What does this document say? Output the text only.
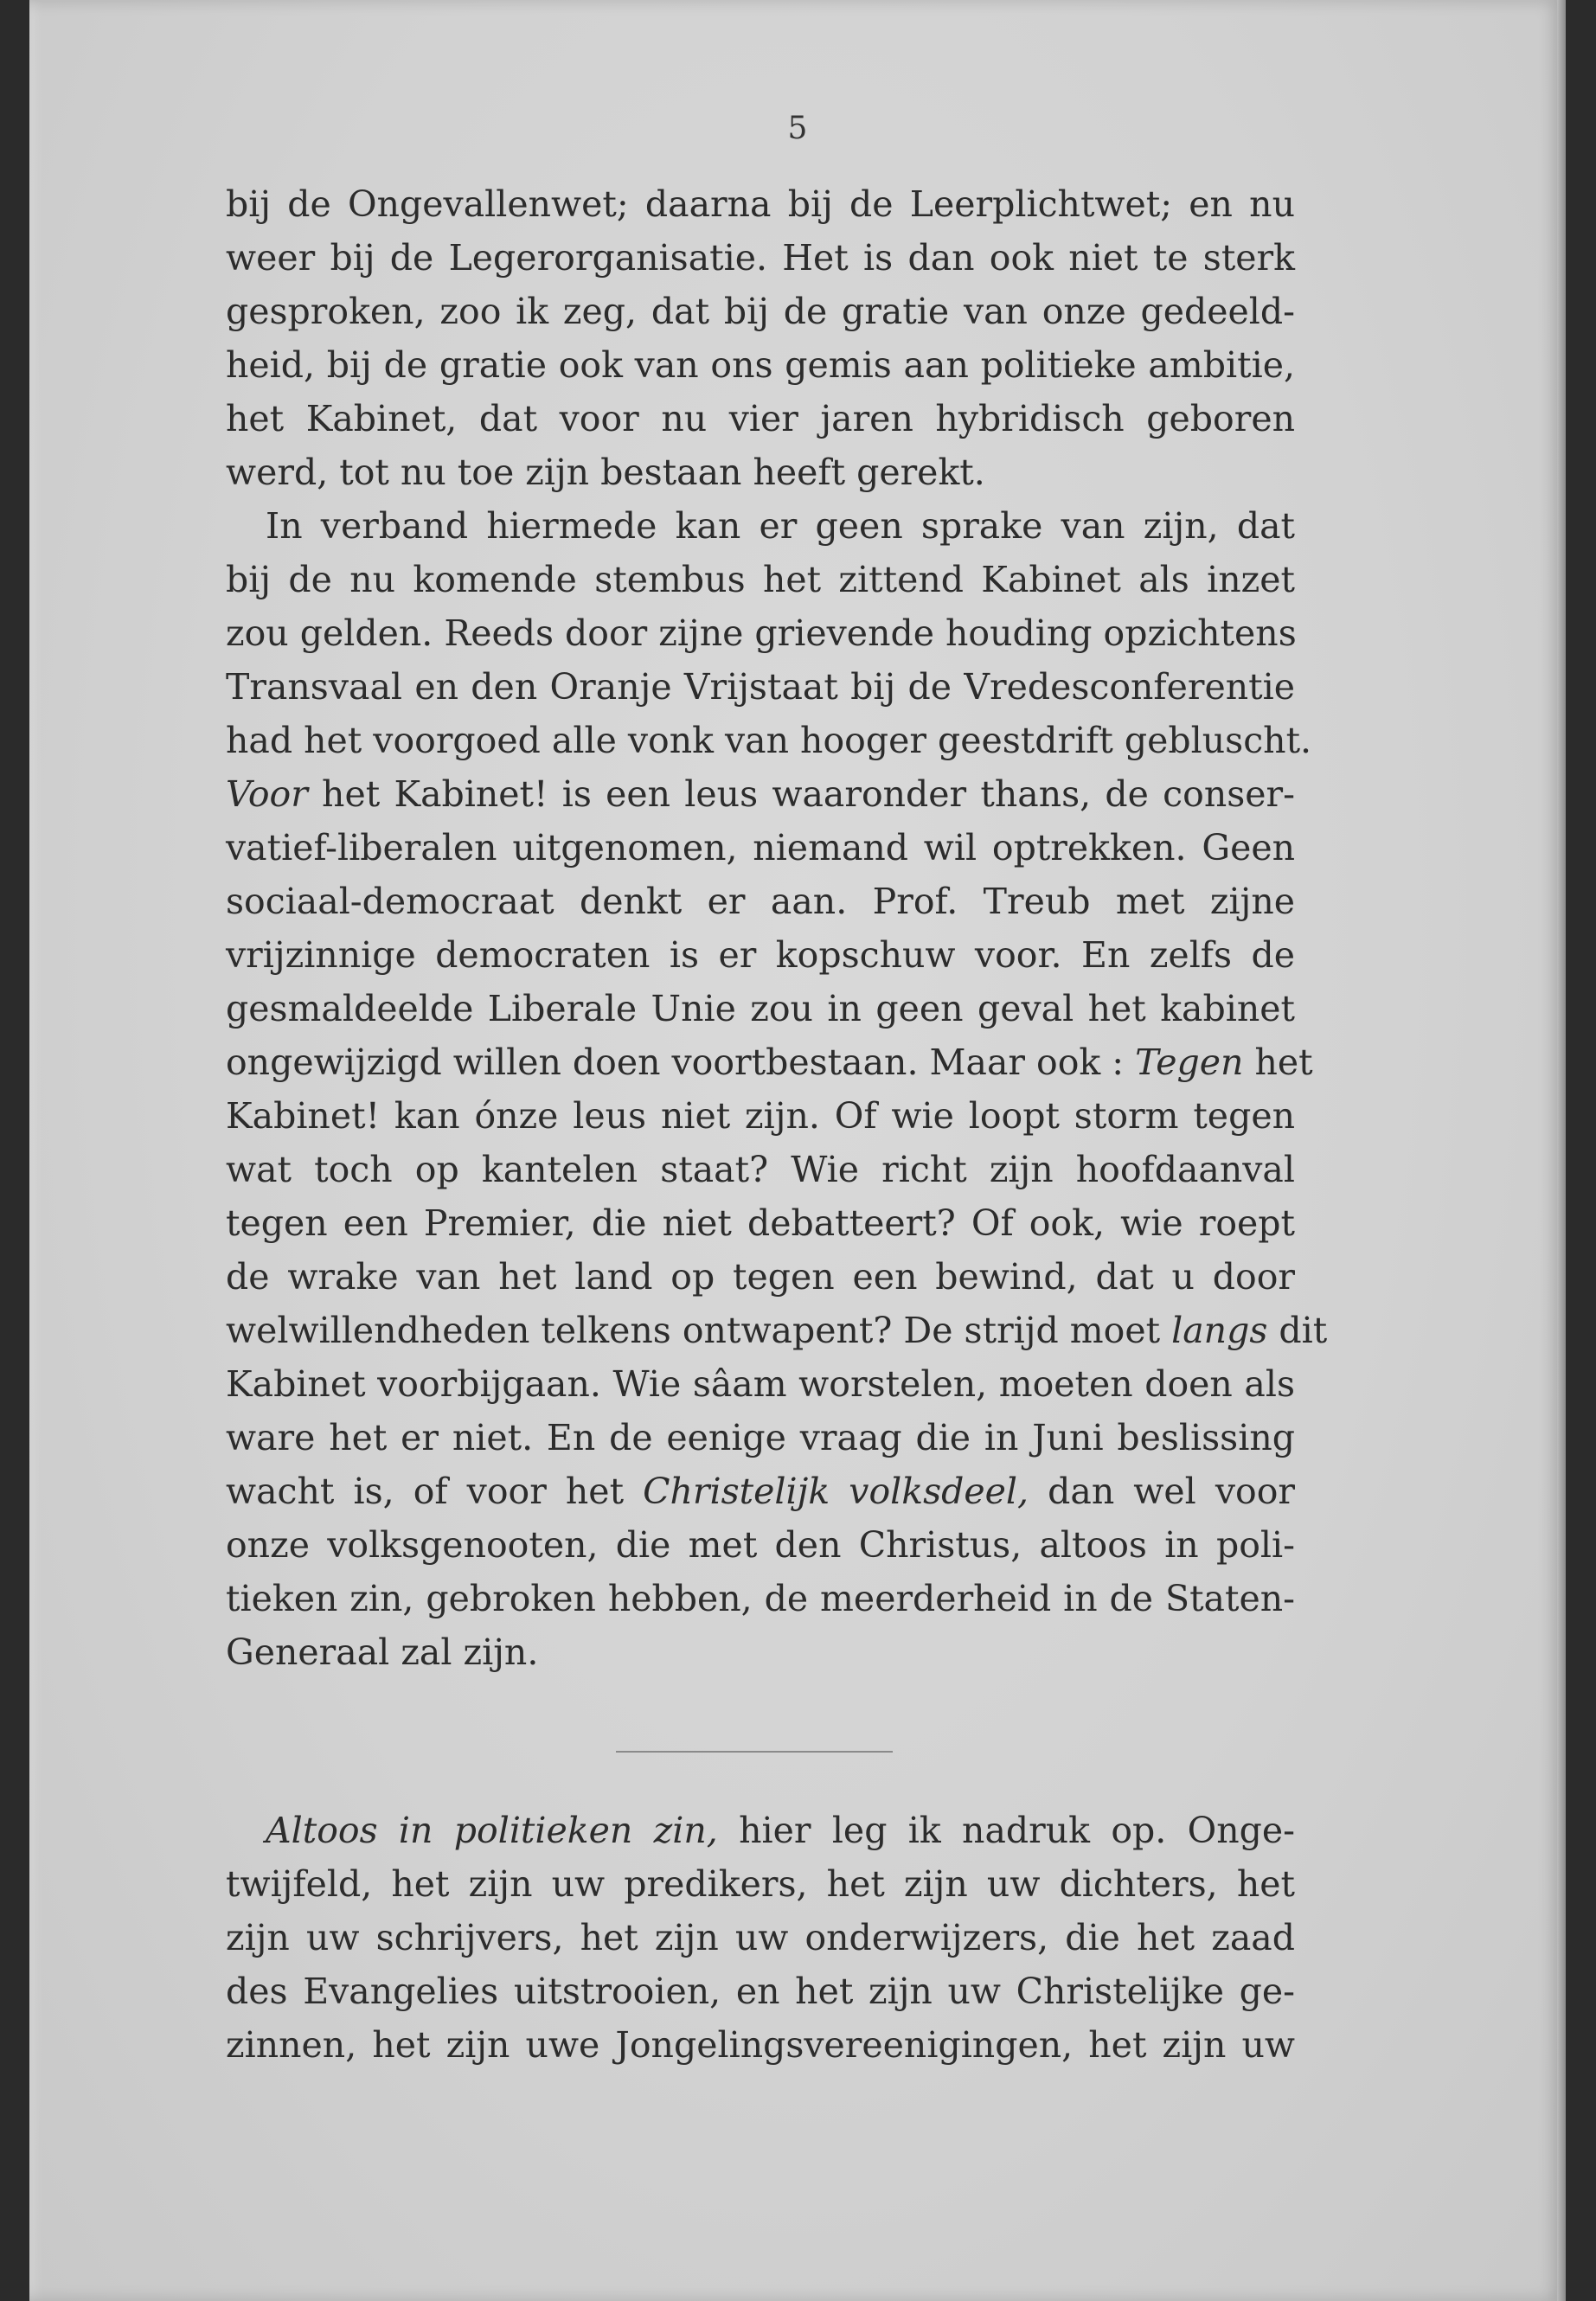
5
bij de Ongevallenwet; daarna bij de Leerplichtwet; en nu
weer bij de Legerorganisatie. Het is dan ook niet te sterk
gesproken, zoo ik zeg, dat bij de gratie van onze gedeeld-
heid, bij de gratie ook van ons gemis aan politieke ambitie,
het Kabinet, dat voor nu vier jaren hybridisch geboren
werd, tot nu toe zijn bestaan heeft gerekt.
In verband hiermede kan er geen sprake van zijn, dat
bij de nu komende stembus het zittend Kabinet als inzet
zou gelden. Reeds door zijne grievende houding opzichtens
Transvaal en den Oranje Vrijstaat bij de Vredesconferentie
had het voorgoed alle vonk van hooger geestdrift gebluscht.
Voor het Kabinet! is een leus waaronder thans, de conser-
vatief-liberalen uitgenomen, niemand wil optrekken. Geen
sociaal-democraat denkt er aan. Prof. Treub met zijne
vrijzinnige democraten is er kopschuw voor. En zelfs de
gesmaldeelde Liberale Unie zou in geen geval het kabinet
ongewijzigd willen doen voortbestaan. Maar ook : Tegen het
Kabinet! kan ónze leus niet zijn. Of wie loopt storm tegen
wat toch op kantelen staat? Wie richt zijn hoofdaanval
tegen een Premier, die niet debatteert? Of ook, wie roept
de wrake van het land op tegen een bewind, dat u door
welwillendheden telkens ontwapent? De strijd moet langs dit
Kabinet voorbijgaan. Wie sâam worstelen, moeten doen als
ware het er niet. En de eenige vraag die in Juni beslissing
wacht is, of voor het Christelijk volksdeel, dan wel voor
onze volksgenooten, die met den Christus, altoos in poli-
tieken zin, gebroken hebben, de meerderheid in de Staten-
Generaal zal zijn.
Altoos in politieken zin, hier leg ik nadruk op. Onge-
twijfeld, het zijn uw predikers, het zijn uw dichters, het
zijn uw schrijvers, het zijn uw onderwijzers, die het zaad
des Evangelies uitstrooien, en het zijn uw Christelijke ge-
zinnen, het zijn uwe Jongelingsvereenigingen, het zijn uw
